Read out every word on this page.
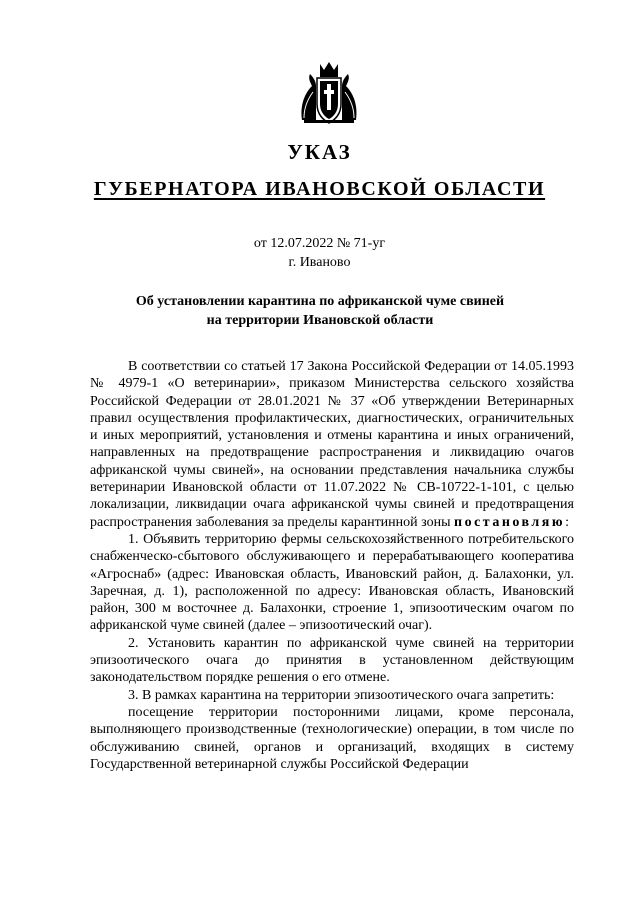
УКАЗ
ГУБЕРНАТОРА ИВАНОВСКОЙ ОБЛАСТИ
от 12.07.2022 № 71-уг
г. Иваново
Об установлении карантина по африканской чуме свиней
на территории Ивановской области

В соответствии со статьей 17 Закона Российской Федерации от 14.05.1993 № 4979-1 «О ветеринарии», приказом Министерства сельского хозяйства Российской Федерации от 28.01.2021 № 37 «Об утверждении Ветеринарных правил осуществления профилактических, диагностических, ограничительных и иных мероприятий, установления и отмены карантина и иных ограничений, направленных на предотвращение распространения и ликвидацию очагов африканской чумы свиней», на основании представления начальника службы ветеринарии Ивановской области от 11.07.2022 № СВ-10722-1-101, с целью локализации, ликвидации очага африканской чумы свиней и предотвращения распространения заболевания за пределы карантинной зоны постановляю:

1. Объявить территорию фермы сельскохозяйственного потребительского снабженческо-сбытового обслуживающего и перерабатывающего кооператива «Агроснаб» (адрес: Ивановская область, Ивановский район, д. Балахонки, ул. Заречная, д. 1), расположенной по адресу: Ивановская область, Ивановский район, 300 м восточнее д. Балахонки, строение 1, эпизоотическим очагом по африканской чуме свиней (далее – эпизоотический очаг).

2. Установить карантин по африканской чуме свиней на территории эпизоотического очага до принятия в установленном действующим законодательством порядке решения о его отмене.

3. В рамках карантина на территории эпизоотического очага запретить:

посещение территории посторонними лицами, кроме персонала, выполняющего производственные (технологические) операции, в том числе по обслуживанию свиней, органов и организаций, входящих в систему Государственной ветеринарной службы Российской Федерации
